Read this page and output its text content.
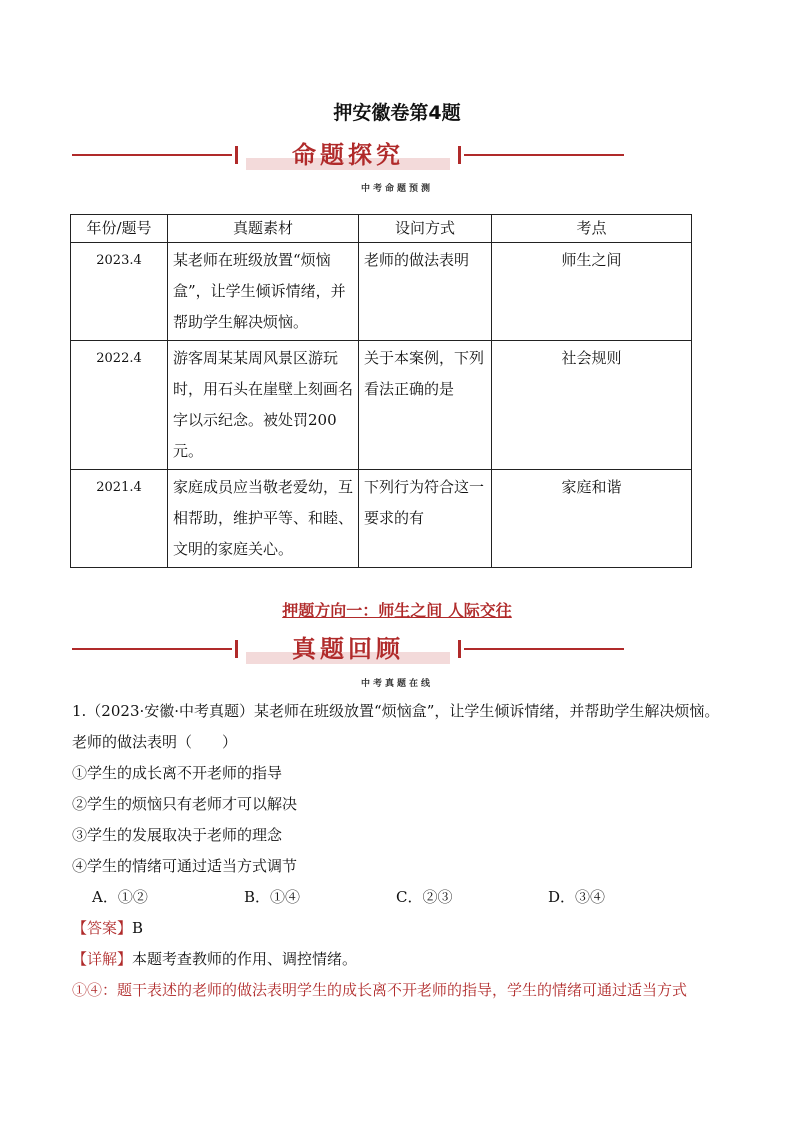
押安徽卷第4题
命题探究
中考命题预测
年份/题号	真题素材	设问方式	考点
2023.4	某老师在班级放置“烦恼盒”，让学生倾诉情绪，并帮助学生解决烦恼。	老师的做法表明	师生之间
2022.4	游客周某某周风景区游玩时，用石头在崖壁上刻画名字以示纪念。被处罚200元。	关于本案例，下列看法正确的是	社会规则
2021.4	家庭成员应当敬老爱幼，互相帮助，维护平等、和睦、文明的家庭关心。	下列行为符合这一要求的有	家庭和谐
押题方向一：师生之间 人际交往
真题回顾
中考真题在线

1.（2023·安徽·中考真题）某老师在班级放置“烦恼盒”，让学生倾诉情绪，并帮助学生解决烦恼。老师的做法表明（　　）

①学生的成长离不开老师的指导

②学生的烦恼只有老师才可以解决

③学生的发展取决于老师的理念

④学生的情绪可通过适当方式调节

A．①②	B．①④	C．②③	D．③④

【答案】B

【详解】本题考查教师的作用、调控情绪。

①④：题干表述的老师的做法表明学生的成长离不开老师的指导，学生的情绪可通过适当方式
